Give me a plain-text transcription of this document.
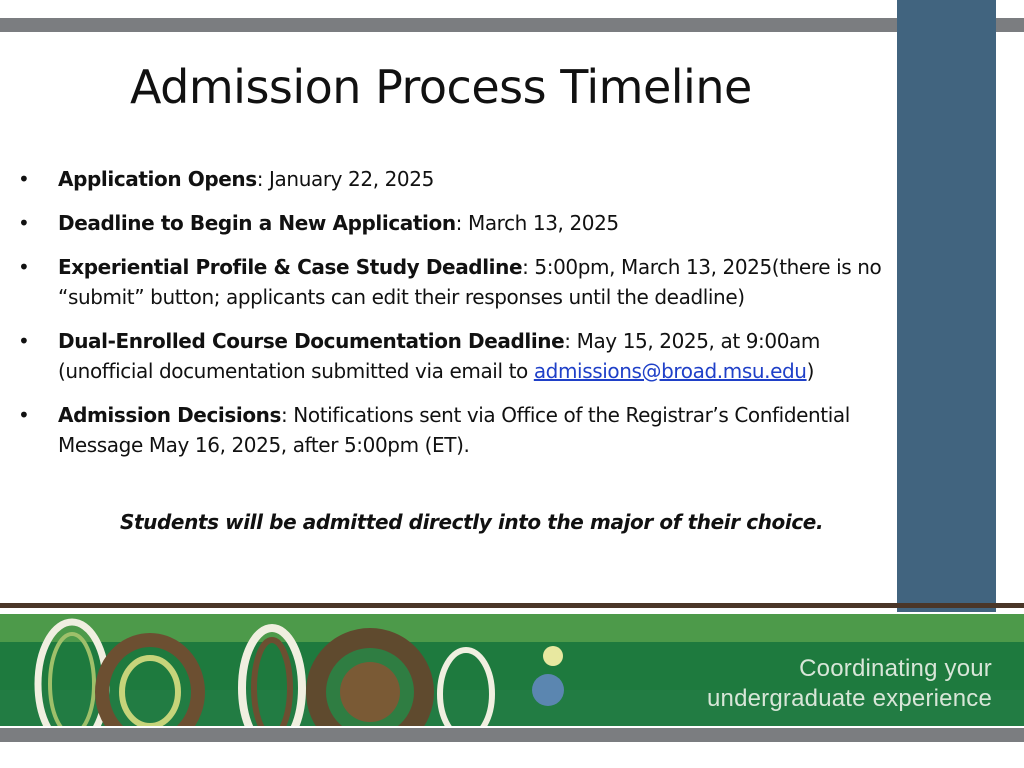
Admission Process Timeline
•	Application Opens: January 22, 2025
•	Deadline to Begin a New Application: March 13, 2025
•	Experiential Profile & Case Study Deadline: 5:00pm, March 13, 2025(there is no “submit” button; applicants can edit their responses until the deadline)
•	Dual-Enrolled Course Documentation Deadline: May 15, 2025, at 9:00am (unofficial documentation submitted via email to admissions@broad.msu.edu)
•	Admission Decisions: Notifications sent via Office of the Registrar’s Confidential Message May 16, 2025, after 5:00pm (ET).

Students will be admitted directly into the major of their choice.

Coordinating your
undergraduate experience
